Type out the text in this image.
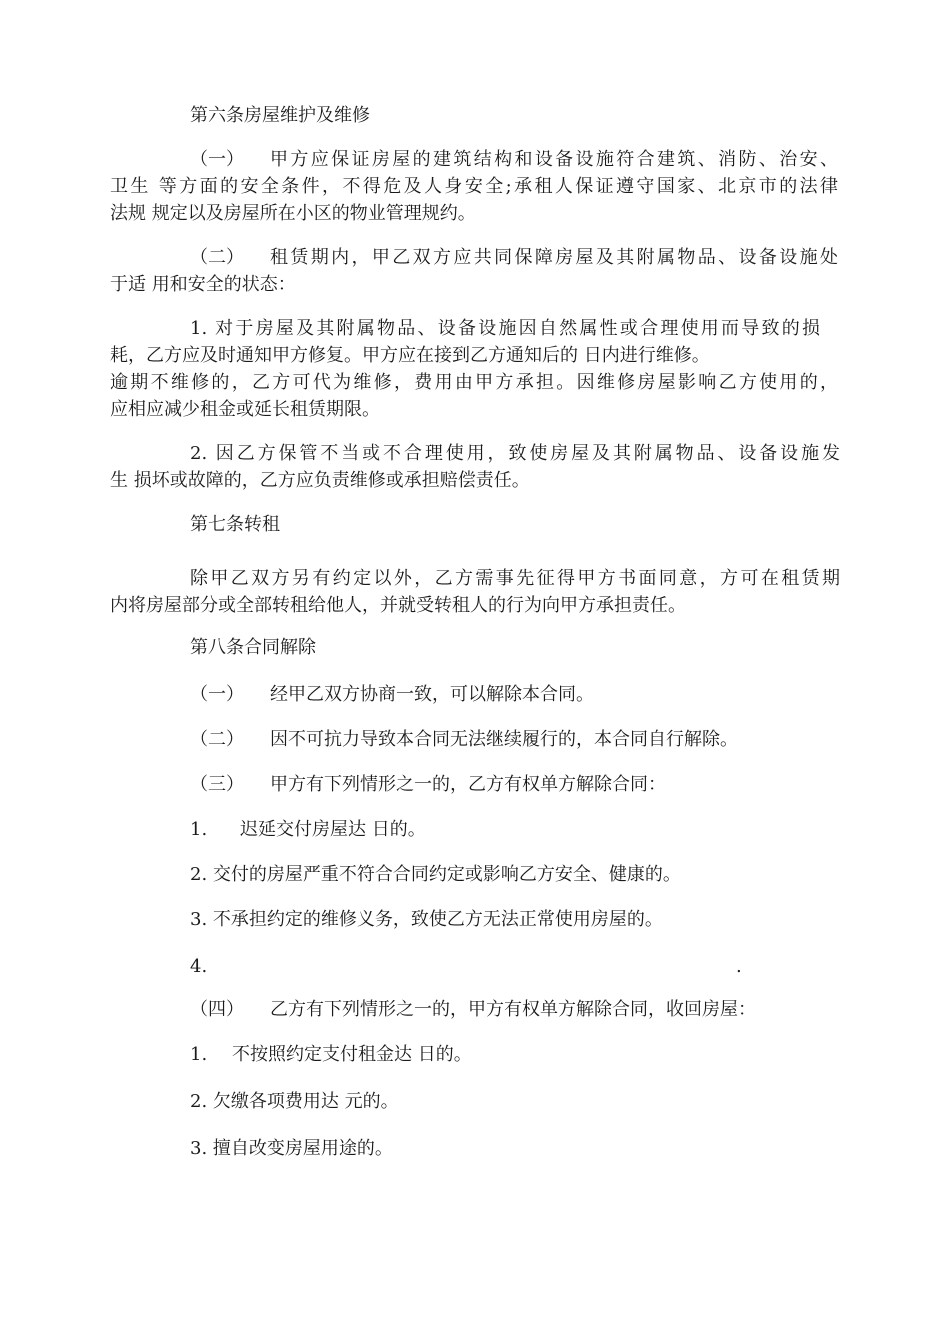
第六条房屋维护及维修
（一） 甲方应保证房屋的建筑结构和设备设施符合建筑、消防、治安、
卫生 等方面的安全条件，不得危及人身安全;承租人保证遵守国家、北京市的法律
法规 规定以及房屋所在小区的物业管理规约。
（二） 租赁期内，甲乙双方应共同保障房屋及其附属物品、设备设施处
于适 用和安全的状态：
1. 对于房屋及其附属物品、设备设施因自然属性或合理使用而导致的损
耗，乙方应及时通知甲方修复。甲方应在接到乙方通知后的 日内进行维修。
逾期不维修的，乙方可代为维修，费用由甲方承担。因维修房屋影响乙方使用的，
应相应减少租金或延长租赁期限。
2. 因乙方保管不当或不合理使用，致使房屋及其附属物品、设备设施发
生 损坏或故障的，乙方应负责维修或承担赔偿责任。
第七条转租
除甲乙双方另有约定以外，乙方需事先征得甲方书面同意，方可在租赁期
内将房屋部分或全部转租给他人，并就受转租人的行为向甲方承担责任。
第八条合同解除
（一） 经甲乙双方协商一致，可以解除本合同。
（二） 因不可抗力导致本合同无法继续履行的，本合同自行解除。
（三） 甲方有下列情形之一的，乙方有权单方解除合同：
1. 迟延交付房屋达 日的。
2. 交付的房屋严重不符合合同约定或影响乙方安全、健康的。
3. 不承担约定的维修义务，致使乙方无法正常使用房屋的。
4.	.
（四） 乙方有下列情形之一的，甲方有权单方解除合同，收回房屋：
1. 不按照约定支付租金达 日的。
2. 欠缴各项费用达 元的。
3. 擅自改变房屋用途的。
